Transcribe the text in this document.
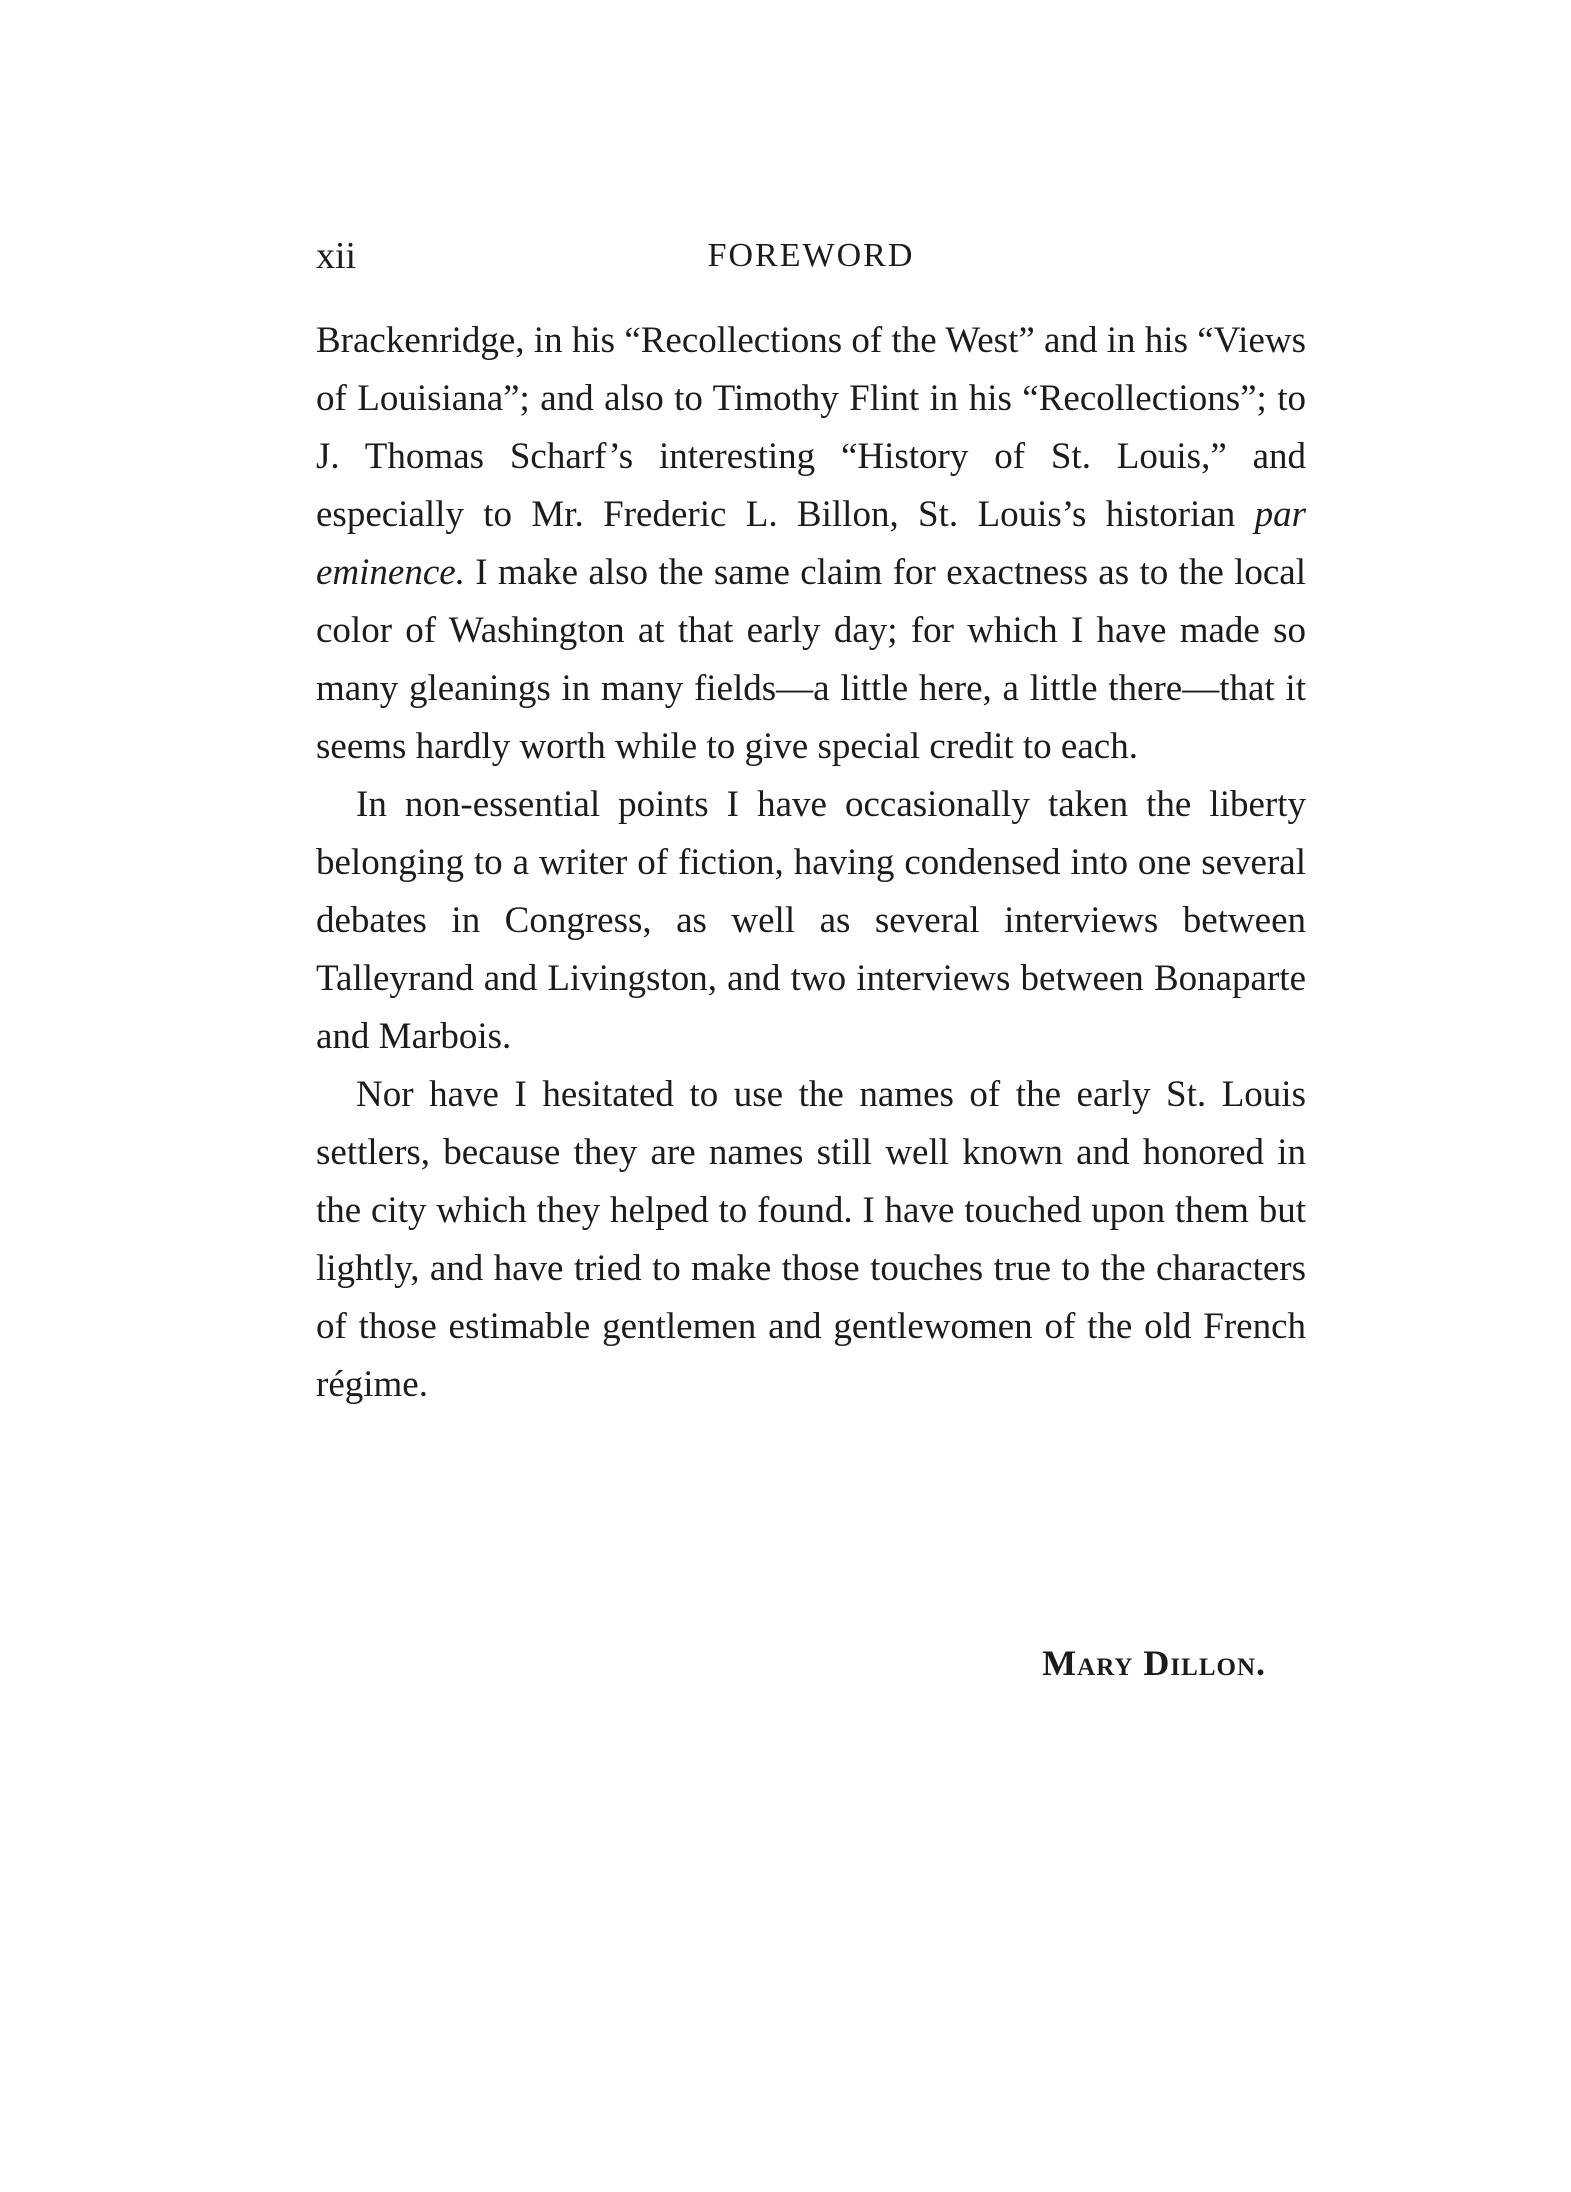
xii	FOREWORD

Brackenridge, in his “Recollections of the West” and in his “Views of Louisiana”; and also to Timothy Flint in his “Recollections”; to J. Thomas Scharf’s interesting “History of St. Louis,” and especially to Mr. Frederic L. Billon, St. Louis’s historian par eminence. I make also the same claim for exactness as to the local color of Washington at that early day; for which I have made so many gleanings in many fields—a little here, a little there—that it seems hardly worth while to give special credit to each.

In non-essential points I have occasionally taken the liberty belonging to a writer of fiction, having condensed into one several debates in Congress, as well as several interviews between Talleyrand and Livingston, and two interviews between Bonaparte and Marbois.

Nor have I hesitated to use the names of the early St. Louis settlers, because they are names still well known and honored in the city which they helped to found. I have touched upon them but lightly, and have tried to make those touches true to the characters of those estimable gentlemen and gentlewomen of the old French régime.

Mary Dillon.
